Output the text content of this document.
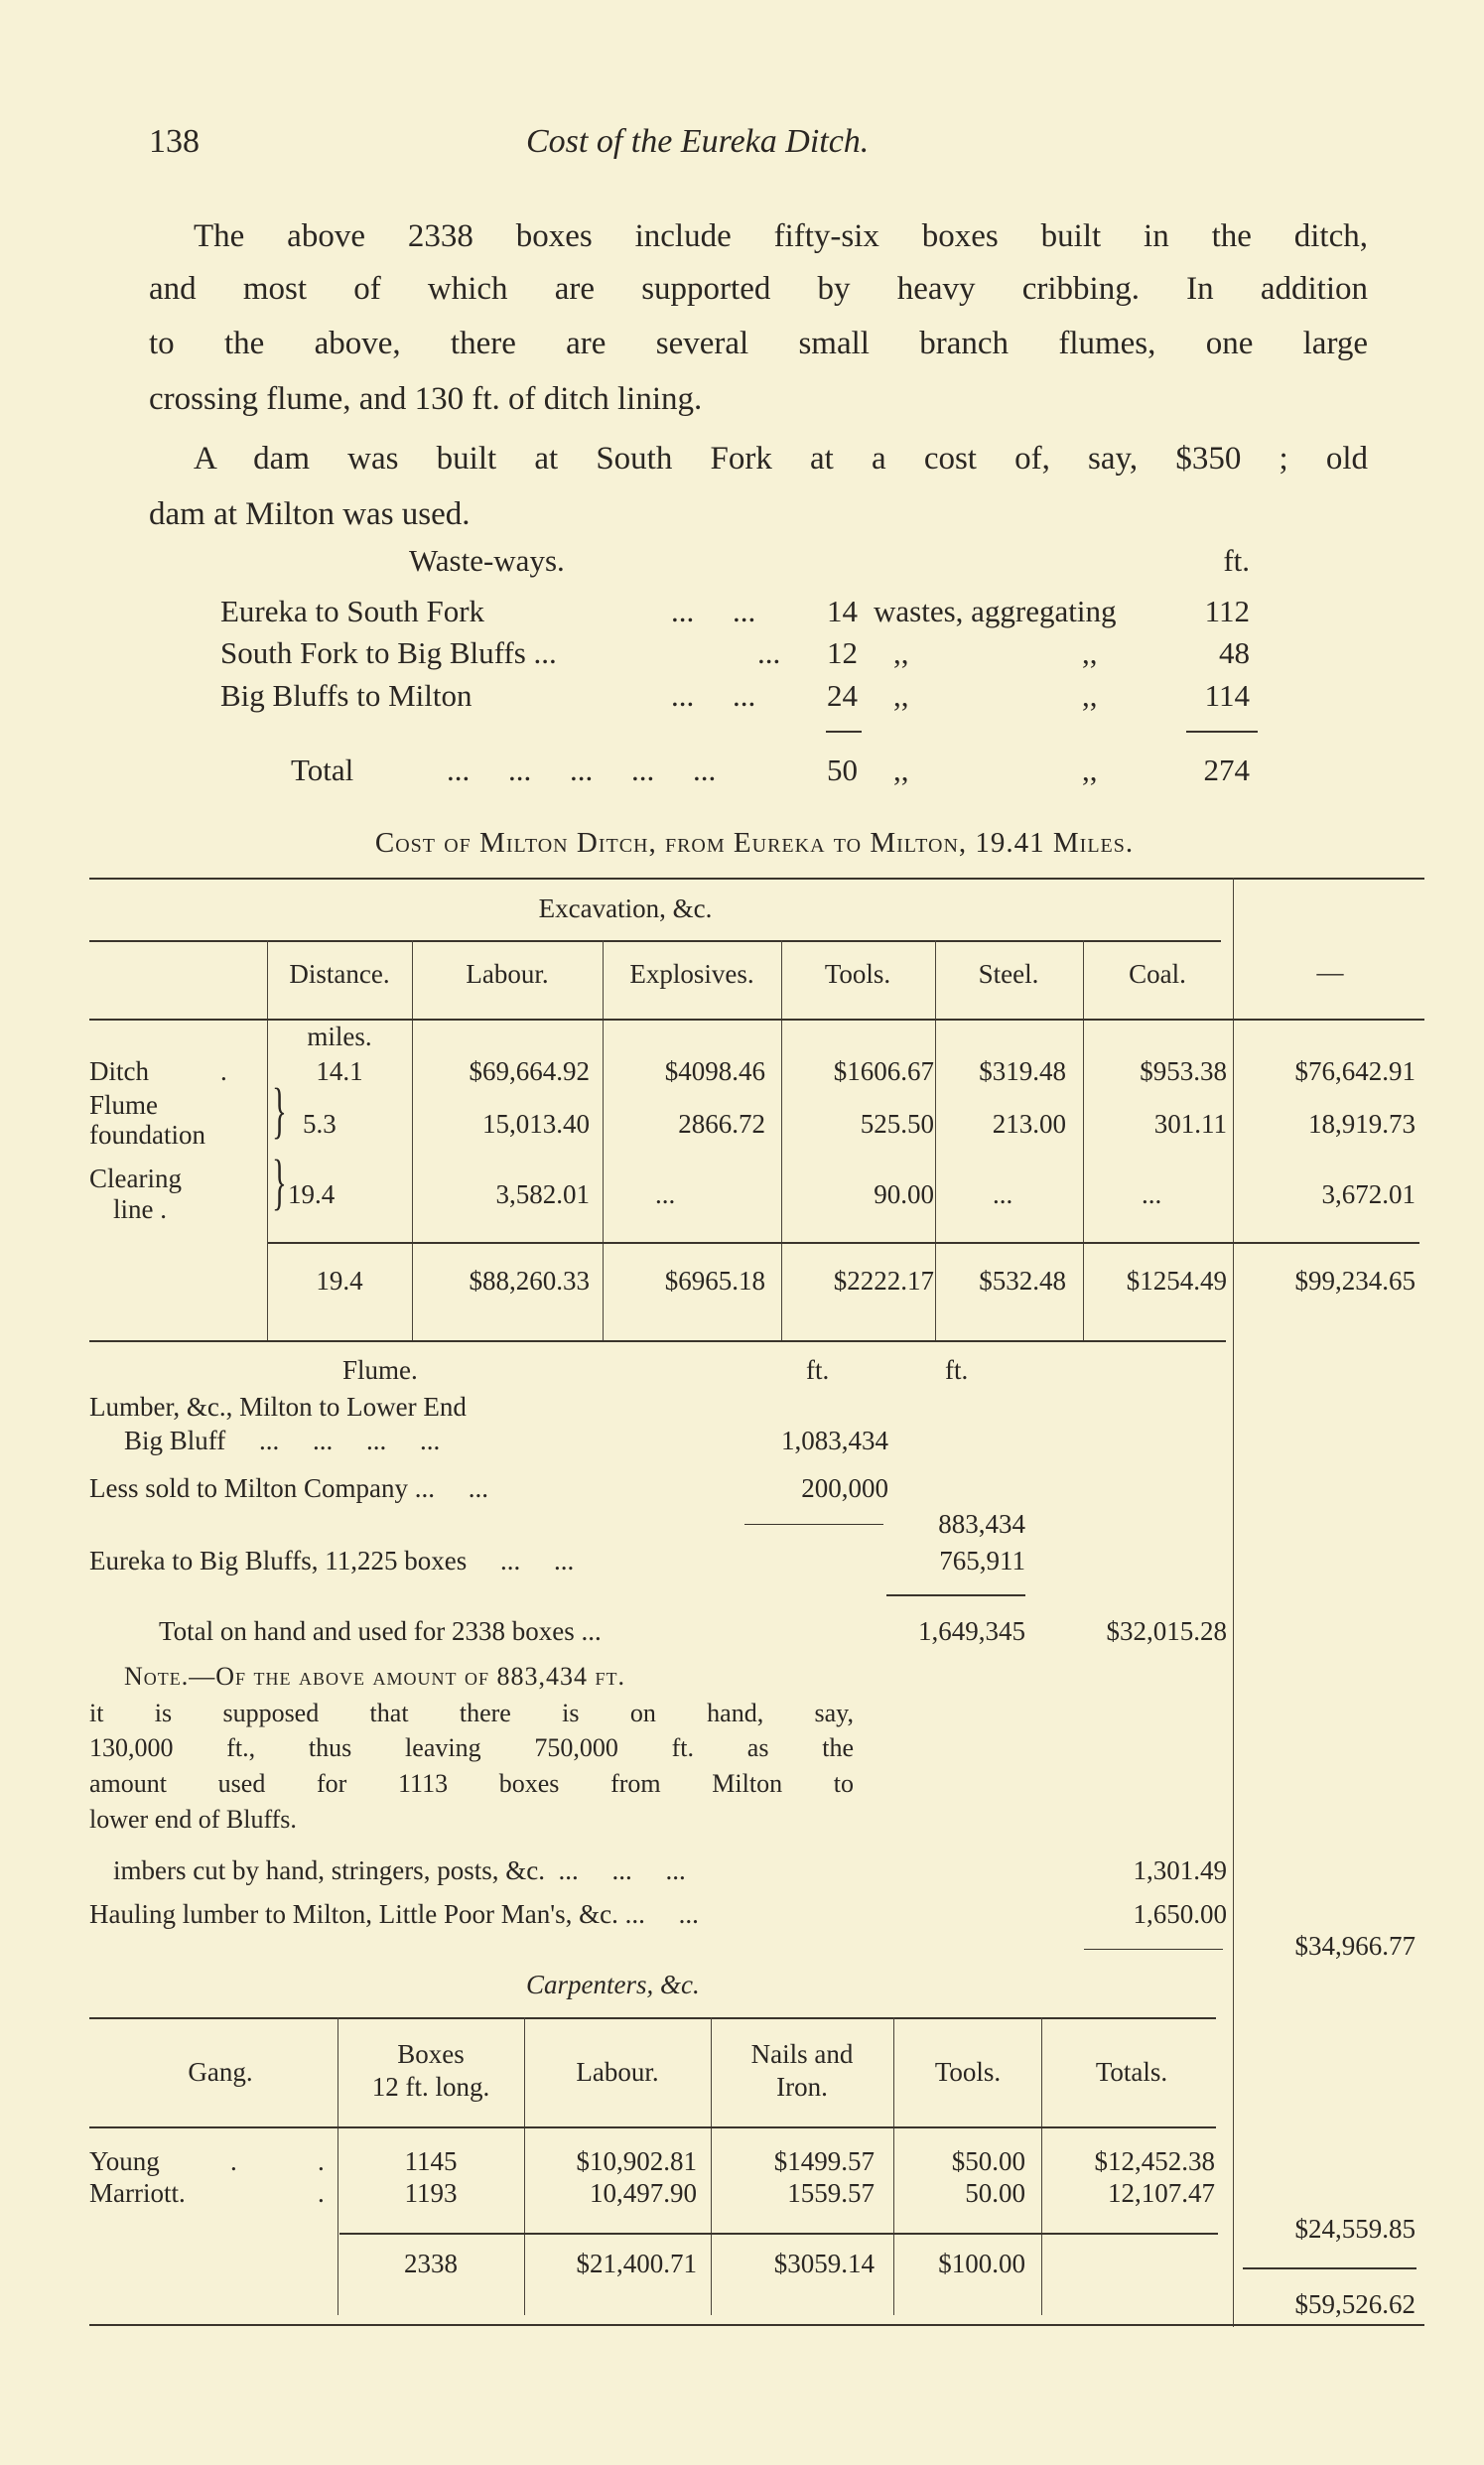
138	Cost of the Eureka Ditch.
The above 2338 boxes include fifty-six boxes built in the ditch,
and most of which are supported by heavy cribbing. In addition
to the above, there are several small branch flumes, one large
crossing flume, and 130 ft. of ditch lining.
A dam was built at South Fork at a cost of, say, $350 ; old
dam at Milton was used.
Waste-ways.	ft.
Eureka to South Fork	...     ... 14 wastes, aggregating	112
South Fork to Big Bluffs ...	... 12 ,,	,,	48
Big Bluffs to Milton	...     ... 24 ,,	,,	114
Total	...     ...     ...     ...     ...	50 ,,	,,	274
Cost of Milton Ditch, from Eureka to Milton, 19.41 Miles.
Excavation, &c.
—
Distance.	Labour.	Explosives.	Tools.	Steel.	Coal.
miles.
Ditch	.	14.1	$69,664.92	$4098.46	$1606.67 $319.48	$953.38	$76,642.91
Flume
foundation } 5.3	15,013.40	2866.72	525.50 213.00	301.11	18,919.73
Clearing
line . } 19.4	3,582.01 ...	90.00 ...	...	3,672.01
19.4	$88,260.33	$6965.18	$2222.17 $532.48 $1254.49	$99,234.65
Flume.	ft.	ft.
Lumber, &c., Milton to Lower End
Big Bluff     ...     ...     ...     ...	1,083,434
Less sold to Milton Company ...     ...	200,000
883,434
Eureka to Big Bluffs, 11,225 boxes     ...     ...	765,911
Total on hand and used for 2338 boxes ...	1,649,345	$32,015.28
Note.—Of the above amount of 883,434 ft.
it is supposed that there is on hand, say,
130,000 ft., thus leaving 750,000 ft. as the
amount used for 1113 boxes from Milton to
lower end of Bluffs.
imbers cut by hand, stringers, posts, &c.  ...     ...     ...	1,301.49
Hauling lumber to Milton, Little Poor Man's, &c. ...     ...	1,650.00
$34,966.77
Carpenters, &c.
Gang.
Boxes
12 ft. long.	Labour.
Nails and
Iron.	Tools.	Totals.
Young	.	.	1145	$10,902.81	$1499.57	$50.00	$12,452.38
Marriott.	.	1193	10,497.90	1559.57	50.00	12,107.47
$24,559.85
2338	$21,400.71	$3059.14 $100.00
$59,526.62
